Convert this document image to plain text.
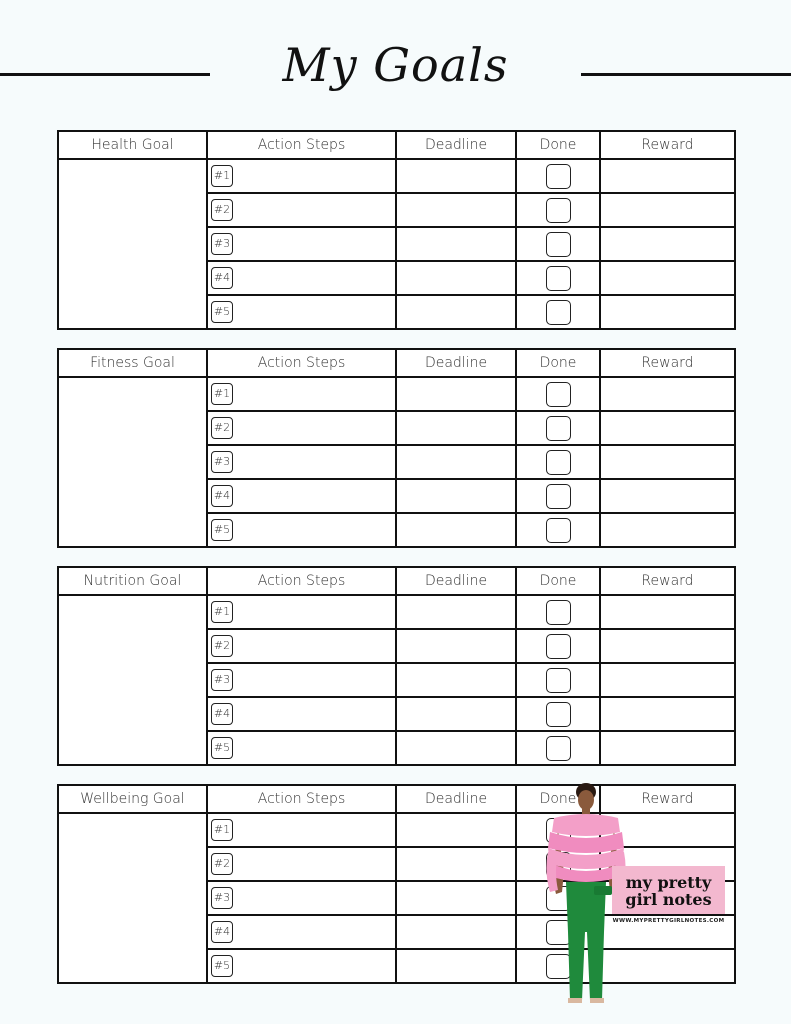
My Goals
Health Goal	Action Steps	Deadline	Done	Reward
	#1		

	#2		

	#3		

	#4		

	#5		

Fitness Goal	Action Steps	Deadline	Done	Reward
	#1		

	#2		

	#3		

	#4		

	#5		

Nutrition Goal	Action Steps	Deadline	Done	Reward
	#1		

	#2		

	#3		

	#4		

	#5		

Wellbeing Goal	Action Steps	Deadline	Done	Reward
	#1		

	#2		

	#3		

	#4		

	#5		

my pretty
girl notes
WWW.MYPRETTYGIRLNOTES.COM
